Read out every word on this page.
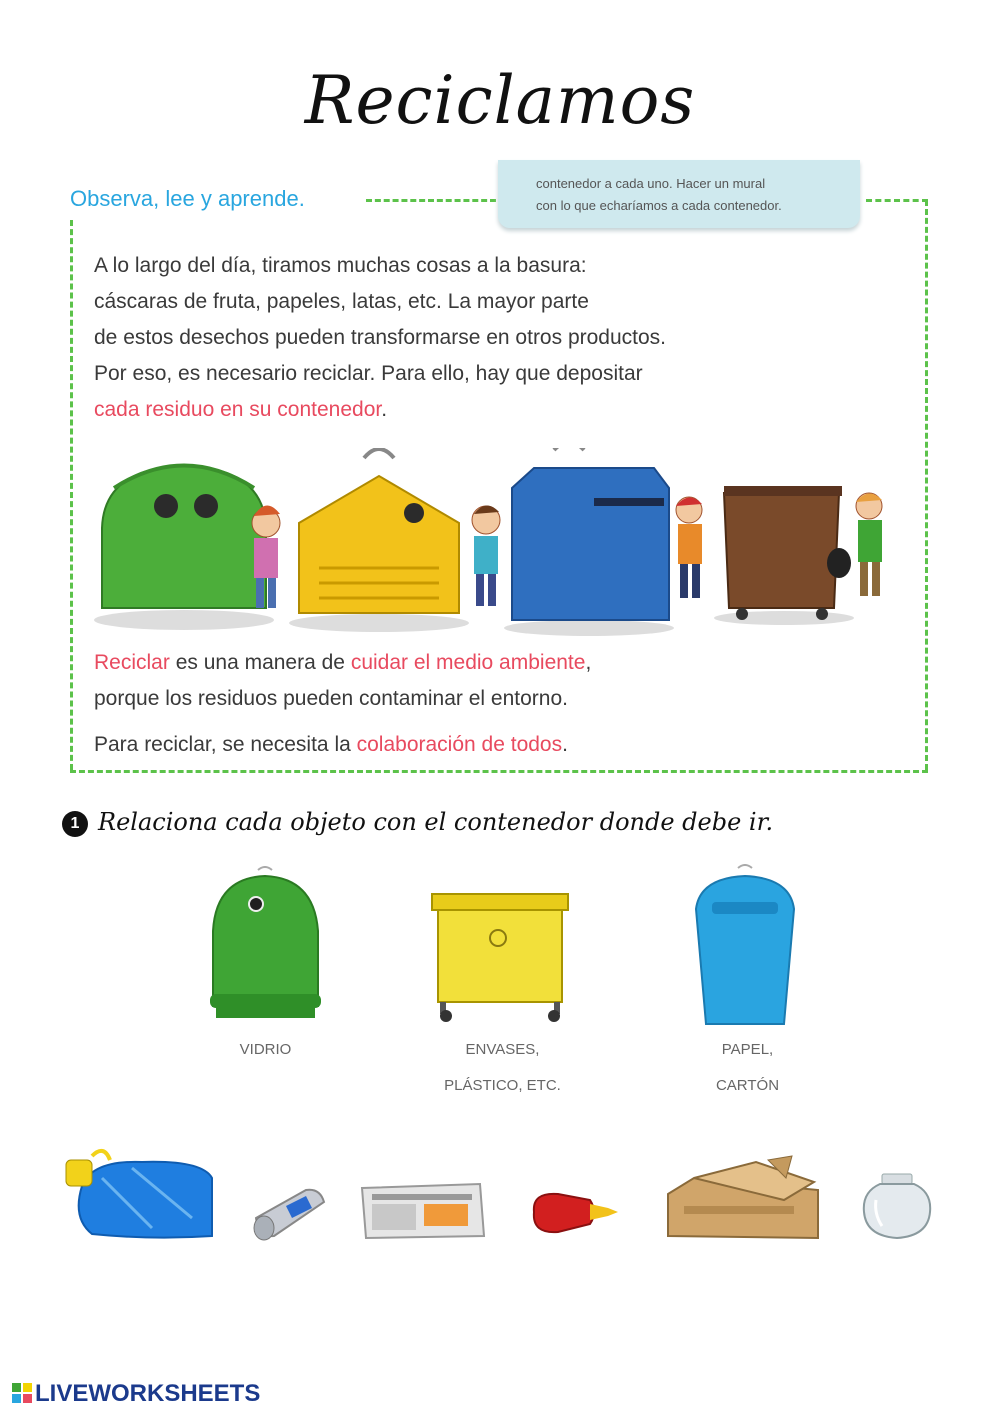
Reciclamos
Observa, lee y aprende.

contenedor a cada uno. Hacer un mural

con lo que echaríamos a cada contenedor.

A lo largo del día, tiramos muchas cosas a la basura:
cáscaras de fruta, papeles, latas, etc. La mayor parte
de estos desechos pueden transformarse en otros productos.
Por eso, es necesario reciclar. Para ello, hay que depositar
cada residuo en su contenedor.
Reciclar es una manera de cuidar el medio ambiente,
porque los residuos pueden contaminar el entorno.
Para reciclar, se necesita la colaboración de todos.
1 Relaciona cada objeto con el contenedor donde debe ir.
VIDRIO	ENVASES,
PLÁSTICO, ETC.
PAPEL,
CARTÓN
LIVEWORKSHEETS
